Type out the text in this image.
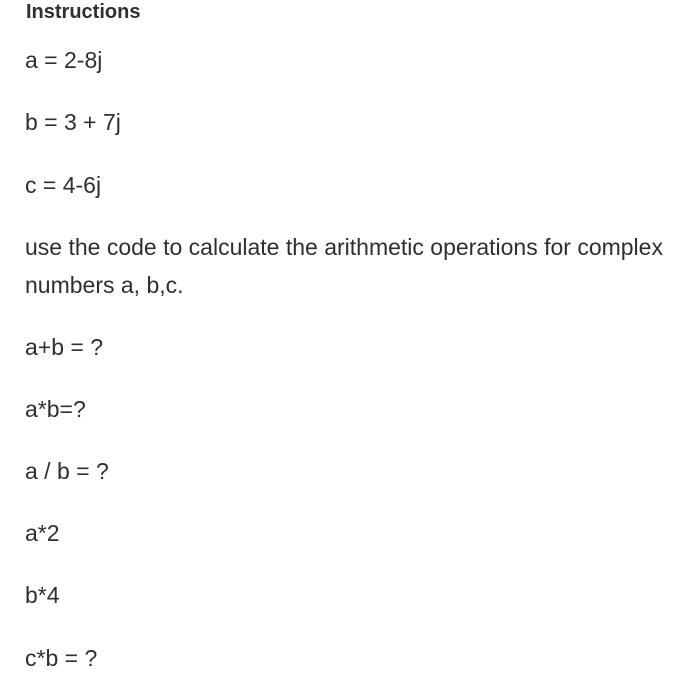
Instructions
a = 2-8j
b = 3 + 7j
c = 4-6j
use the code to calculate the arithmetic operations for complex numbers a, b,c.
a+b = ?
a*b=?
a / b = ?
a*2
b*4
c*b = ?
